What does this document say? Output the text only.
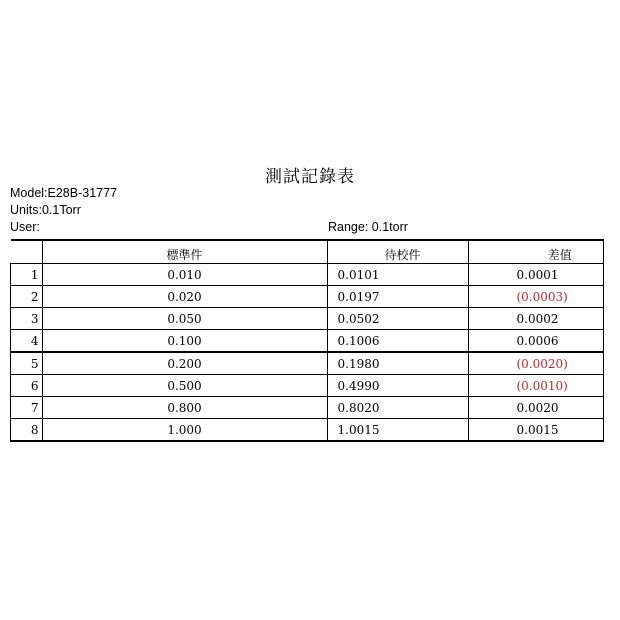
測試記錄表
Model:E28B-31777
Units:0.1Torr
User:	Range: 0.1torr
	標準件	待校件	差值
1	0.010	0.0101	0.0001
2	0.020	0.0197	(0.0003)
3	0.050	0.0502	0.0002
4	0.100	0.1006	0.0006
5	0.200	0.1980	(0.0020)
6	0.500	0.4990	(0.0010)
7	0.800	0.8020	0.0020
8	1.000	1.0015	0.0015
